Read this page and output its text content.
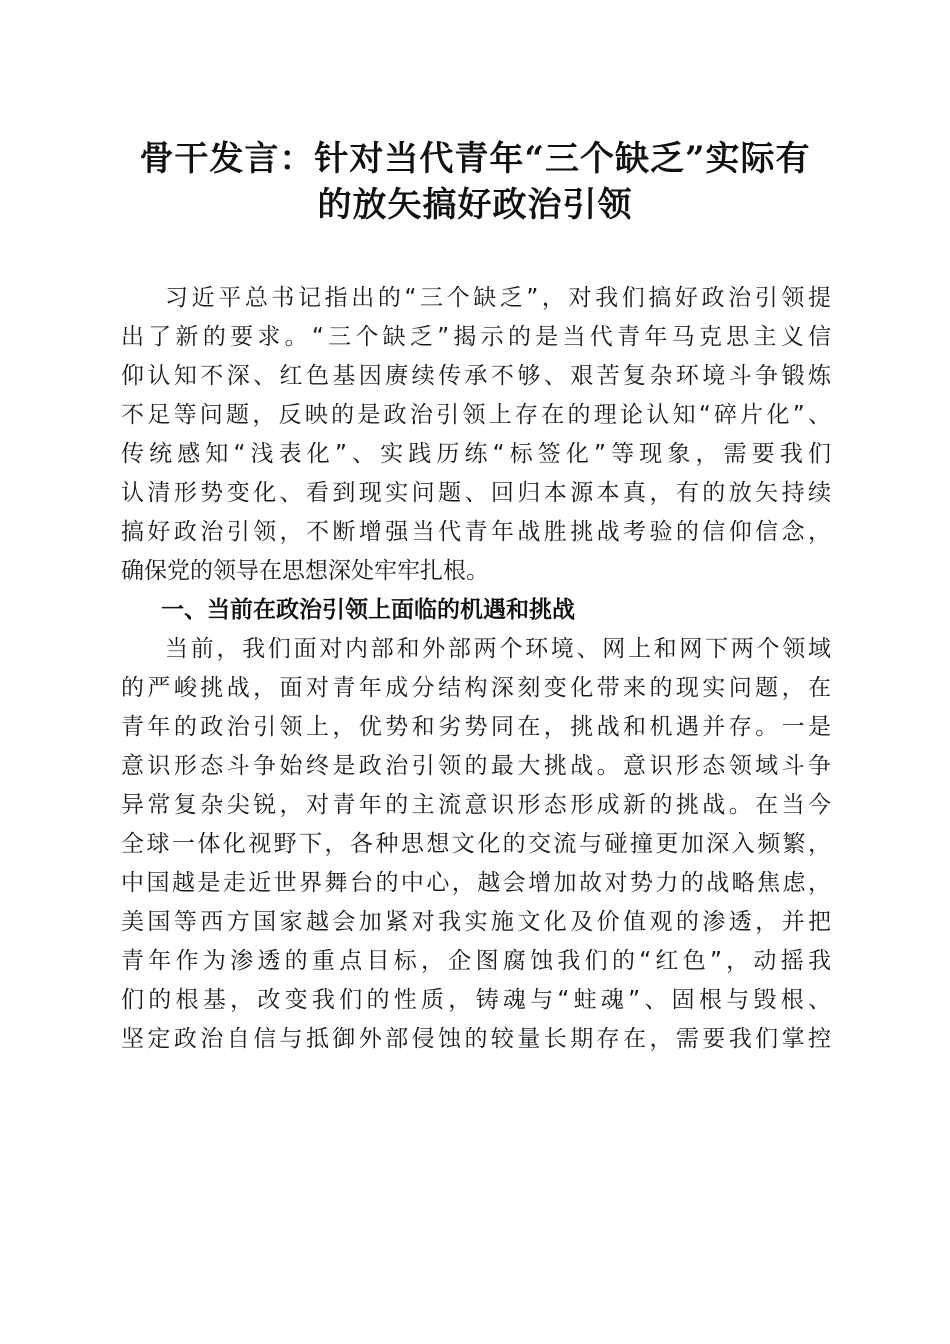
骨干发言：针对当代青年“三个缺乏”实际有
的放矢搞好政治引领
习近平总书记指出的“三个缺乏”，对我们搞好政治引领提
出了新的要求。“三个缺乏”揭示的是当代青年马克思主义信
仰认知不深、红色基因赓续传承不够、艰苦复杂环境斗争锻炼
不足等问题，反映的是政治引领上存在的理论认知“碎片化”、
传统感知“浅表化”、实践历练“标签化”等现象，需要我们
认清形势变化、看到现实问题、回归本源本真，有的放矢持续
搞好政治引领，不断增强当代青年战胜挑战考验的信仰信念，
确保党的领导在思想深处牢牢扎根。
一、当前在政治引领上面临的机遇和挑战
当前，我们面对内部和外部两个环境、网上和网下两个领域
的严峻挑战，面对青年成分结构深刻变化带来的现实问题，在
青年的政治引领上，优势和劣势同在，挑战和机遇并存。一是
意识形态斗争始终是政治引领的最大挑战。意识形态领域斗争
异常复杂尖锐，对青年的主流意识形态形成新的挑战。在当今
全球一体化视野下，各种思想文化的交流与碰撞更加深入频繁，
中国越是走近世界舞台的中心，越会增加故对势力的战略焦虑，
美国等西方国家越会加紧对我实施文化及价值观的渗透，并把
青年作为渗透的重点目标，企图腐蚀我们的“红色”，动摇我
们的根基，改变我们的性质，铸魂与“蛀魂”、固根与毁根、
坚定政治自信与抵御外部侵蚀的较量长期存在，需要我们掌控
